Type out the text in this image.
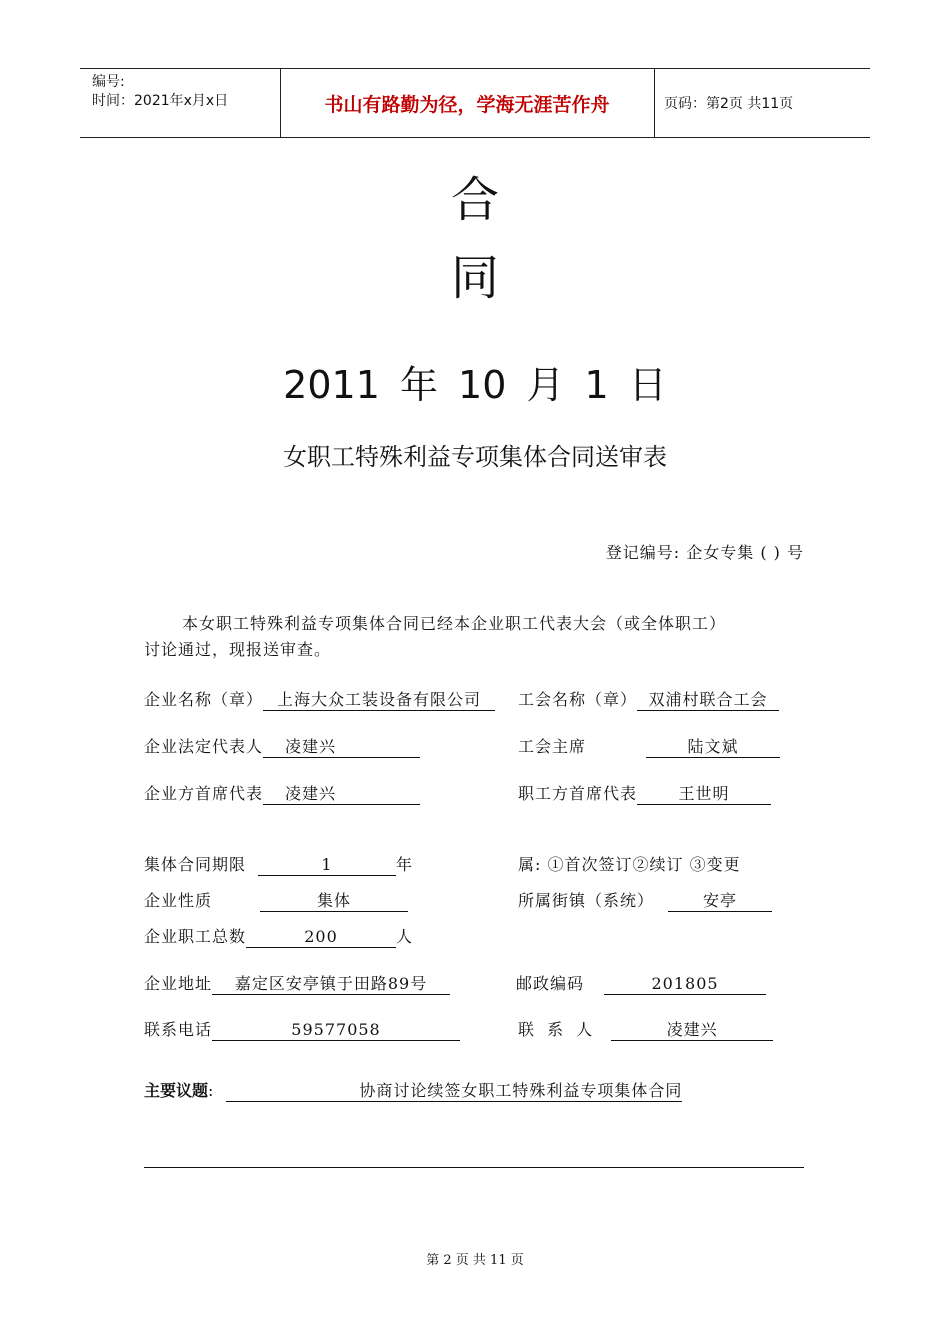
编号:
时间：2021年x月x日	书山有路勤为径，学海无涯苦作舟	页码：第2页 共11页
合
同
2011 年 10 月 1 日
女职工特殊利益专项集体合同送审表
登记编号: 企女专集 ( ) 号
本女职工特殊利益专项集体合同已经本企业职工代表大会（或全体职工）
讨论通过，现报送审查。
企业名称（章） 上海大众工装设备有限公司	工会名称（章） 双浦村联合工会
企业法定代表人 凌建兴	工会主席	陆文斌
企业方首席代表 凌建兴	职工方首席代表	王世明
集体合同期限	1	年	属: ①首次签订②续订 ③变更
企业性质	集体	所属街镇（系统）	安亭
企业职工总数	200	人
企业地址 嘉定区安亭镇于田路89号	邮政编码	201805
联系电话	59577058	联 系 人	凌建兴
主要议题:	协商讨论续签女职工特殊利益专项集体合同
第 2 页 共 11 页
